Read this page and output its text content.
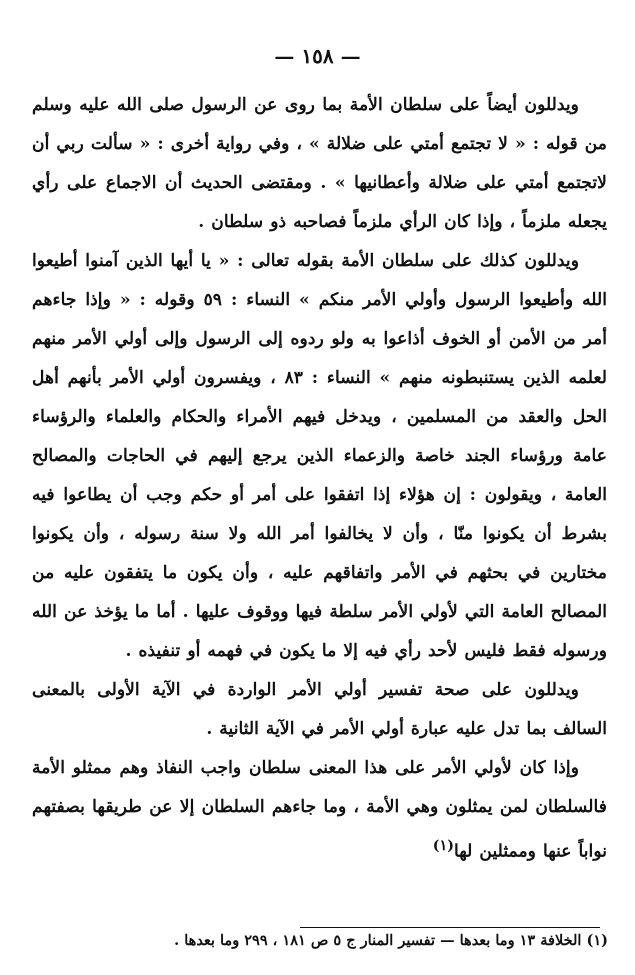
— ١٥٨ —

ويدللون أيضاً على سلطان الأمة بما روى عن الرسول صلى الله عليه وسلم من قوله : « لا تجتمع أمتي على ضلالة » ، وفي رواية أخرى : « سألت ربي أن لاتجتمع أمتي على ضلالة وأعطانيها » . ومقتضى الحديث أن الاجماع على رأي يجعله ملزماً ، وإذا كان الرأي ملزماً فصاحبه ذو سلطان .

ويدللون كذلك على سلطان الأمة بقوله تعالى : « يا أيها الذين آمنوا أطيعوا الله وأطيعوا الرسول وأولي الأمر منكم » النساء : ٥٩ وقوله : « وإذا جاءهم أمر من الأمن أو الخوف أذاعوا به ولو ردوه إلى الرسول وإلى أولي الأمر منهم لعلمه الذين يستنبطونه منهم » النساء : ٨٣ ، ويفسرون أولي الأمر بأنهم أهل الحل والعقد من المسلمين ، ويدخل فيهم الأمراء والحكام والعلماء والرؤساء عامة ورؤساء الجند خاصة والزعماء الذين يرجع إليهم في الحاجات والمصالح العامة ، ويقولون : إن هؤلاء إذا اتفقوا على أمر أو حكم وجب أن يطاعوا فيه بشرط أن يكونوا منّا ، وأن لا يخالفوا أمر الله ولا سنة رسوله ، وأن يكونوا مختارين في بحثهم في الأمر واتفاقهم عليه ، وأن يكون ما يتفقون عليه من المصالح العامة التي لأولي الأمر سلطة فيها ووقوف عليها . أما ما يؤخذ عن الله ورسوله فقط فليس لأحد رأي فيه إلا ما يكون في فهمه أو تنفيذه .

ويدللون على صحة تفسير أولي الأمر الواردة في الآية الأولى بالمعنى السالف بما تدل عليه عبارة أولي الأمر في الآية الثانية .

وإذا كان لأولي الأمر على هذا المعنى سلطان واجب النفاذ وهم ممثلو الأمة فالسلطان لمن يمثلون وهي الأمة ، وما جاءهم السلطان إلا عن طريقها بصفتهم نواباً عنها وممثلين لها$^{(١)}$

(١) الخلافة ١٣ وما بعدها — تفسير المنار ج ٥ ص ١٨١ ، ٢٩٩ وما بعدها .
